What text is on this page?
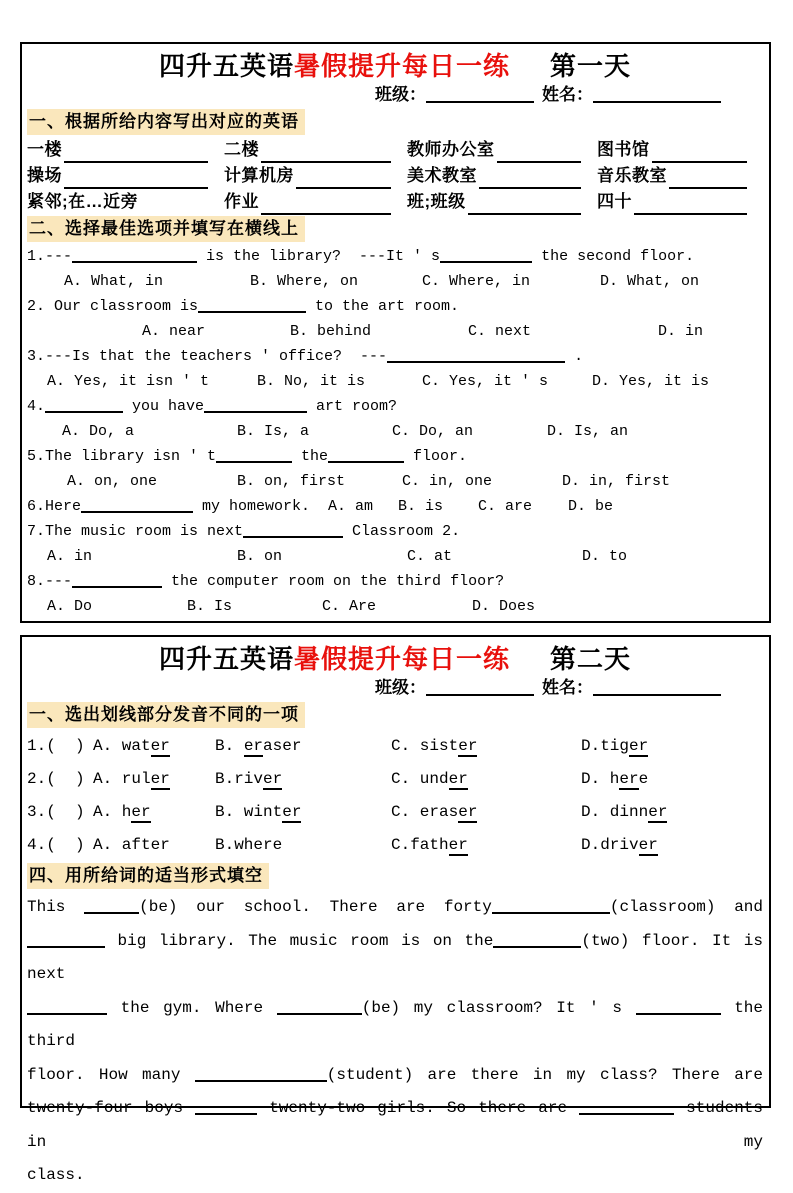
四升五英语暑假提升每日一练 第一天
班级：	姓名：
一、根据所给内容写出对应的英语
一楼	二楼	教师办公室	图书馆
操场	计算机房	美术教室	音乐教室
紧邻;在…近旁	作业	班;班级	四十
二、选择最佳选项并填写在横线上
1.---	is the library?  ---It ' s	the second floor.
A. What, in	B. Where, on	C. Where, in	D. What, on
2. Our classroom is	to the art room.
A. near	B. behind	C. next	D. in
3.---Is that the teachers ' office?  ---	.
A. Yes, it isn ' t	B. No, it is	C. Yes, it ' s	D. Yes, it is
4.	you have	art room?
A. Do, a	B. Is, a	C. Do, an	D. Is, an
5.The library isn ' t	the	floor.
A. on, one	B. on, first	C. in, one	D. in, first
6.Here	my homework.  A. am B. is C. are D. be
7.The music room is next	Classroom 2.
A. in	B. on	C. at	D. to
8.---	the computer room on the third floor?
A. Do	B. Is	C. Are	D. Does
四升五英语暑假提升每日一练 第二天
班级：	姓名：
一、选出划线部分发音不同的一项
1.(  ) A. water	B. eraser	C. sister	D.tiger
2.(  ) A. ruler	B.river	C. under	D. here
3.(  ) A. her	B. winter	C. eraser	D. dinner
4.(  ) A. after	B.where	C.father	D.driver
四、用所给词的适当形式填空
This	(be) our school. There are forty	(classroom) and
big library. The music room is on the	(two) floor. It is next
the gym. Where	(be) my classroom? It ' s	the third
floor. How many	(student) are there in my class? There are
twenty-four boys	twenty-two girls. So there are	students in my
class.
